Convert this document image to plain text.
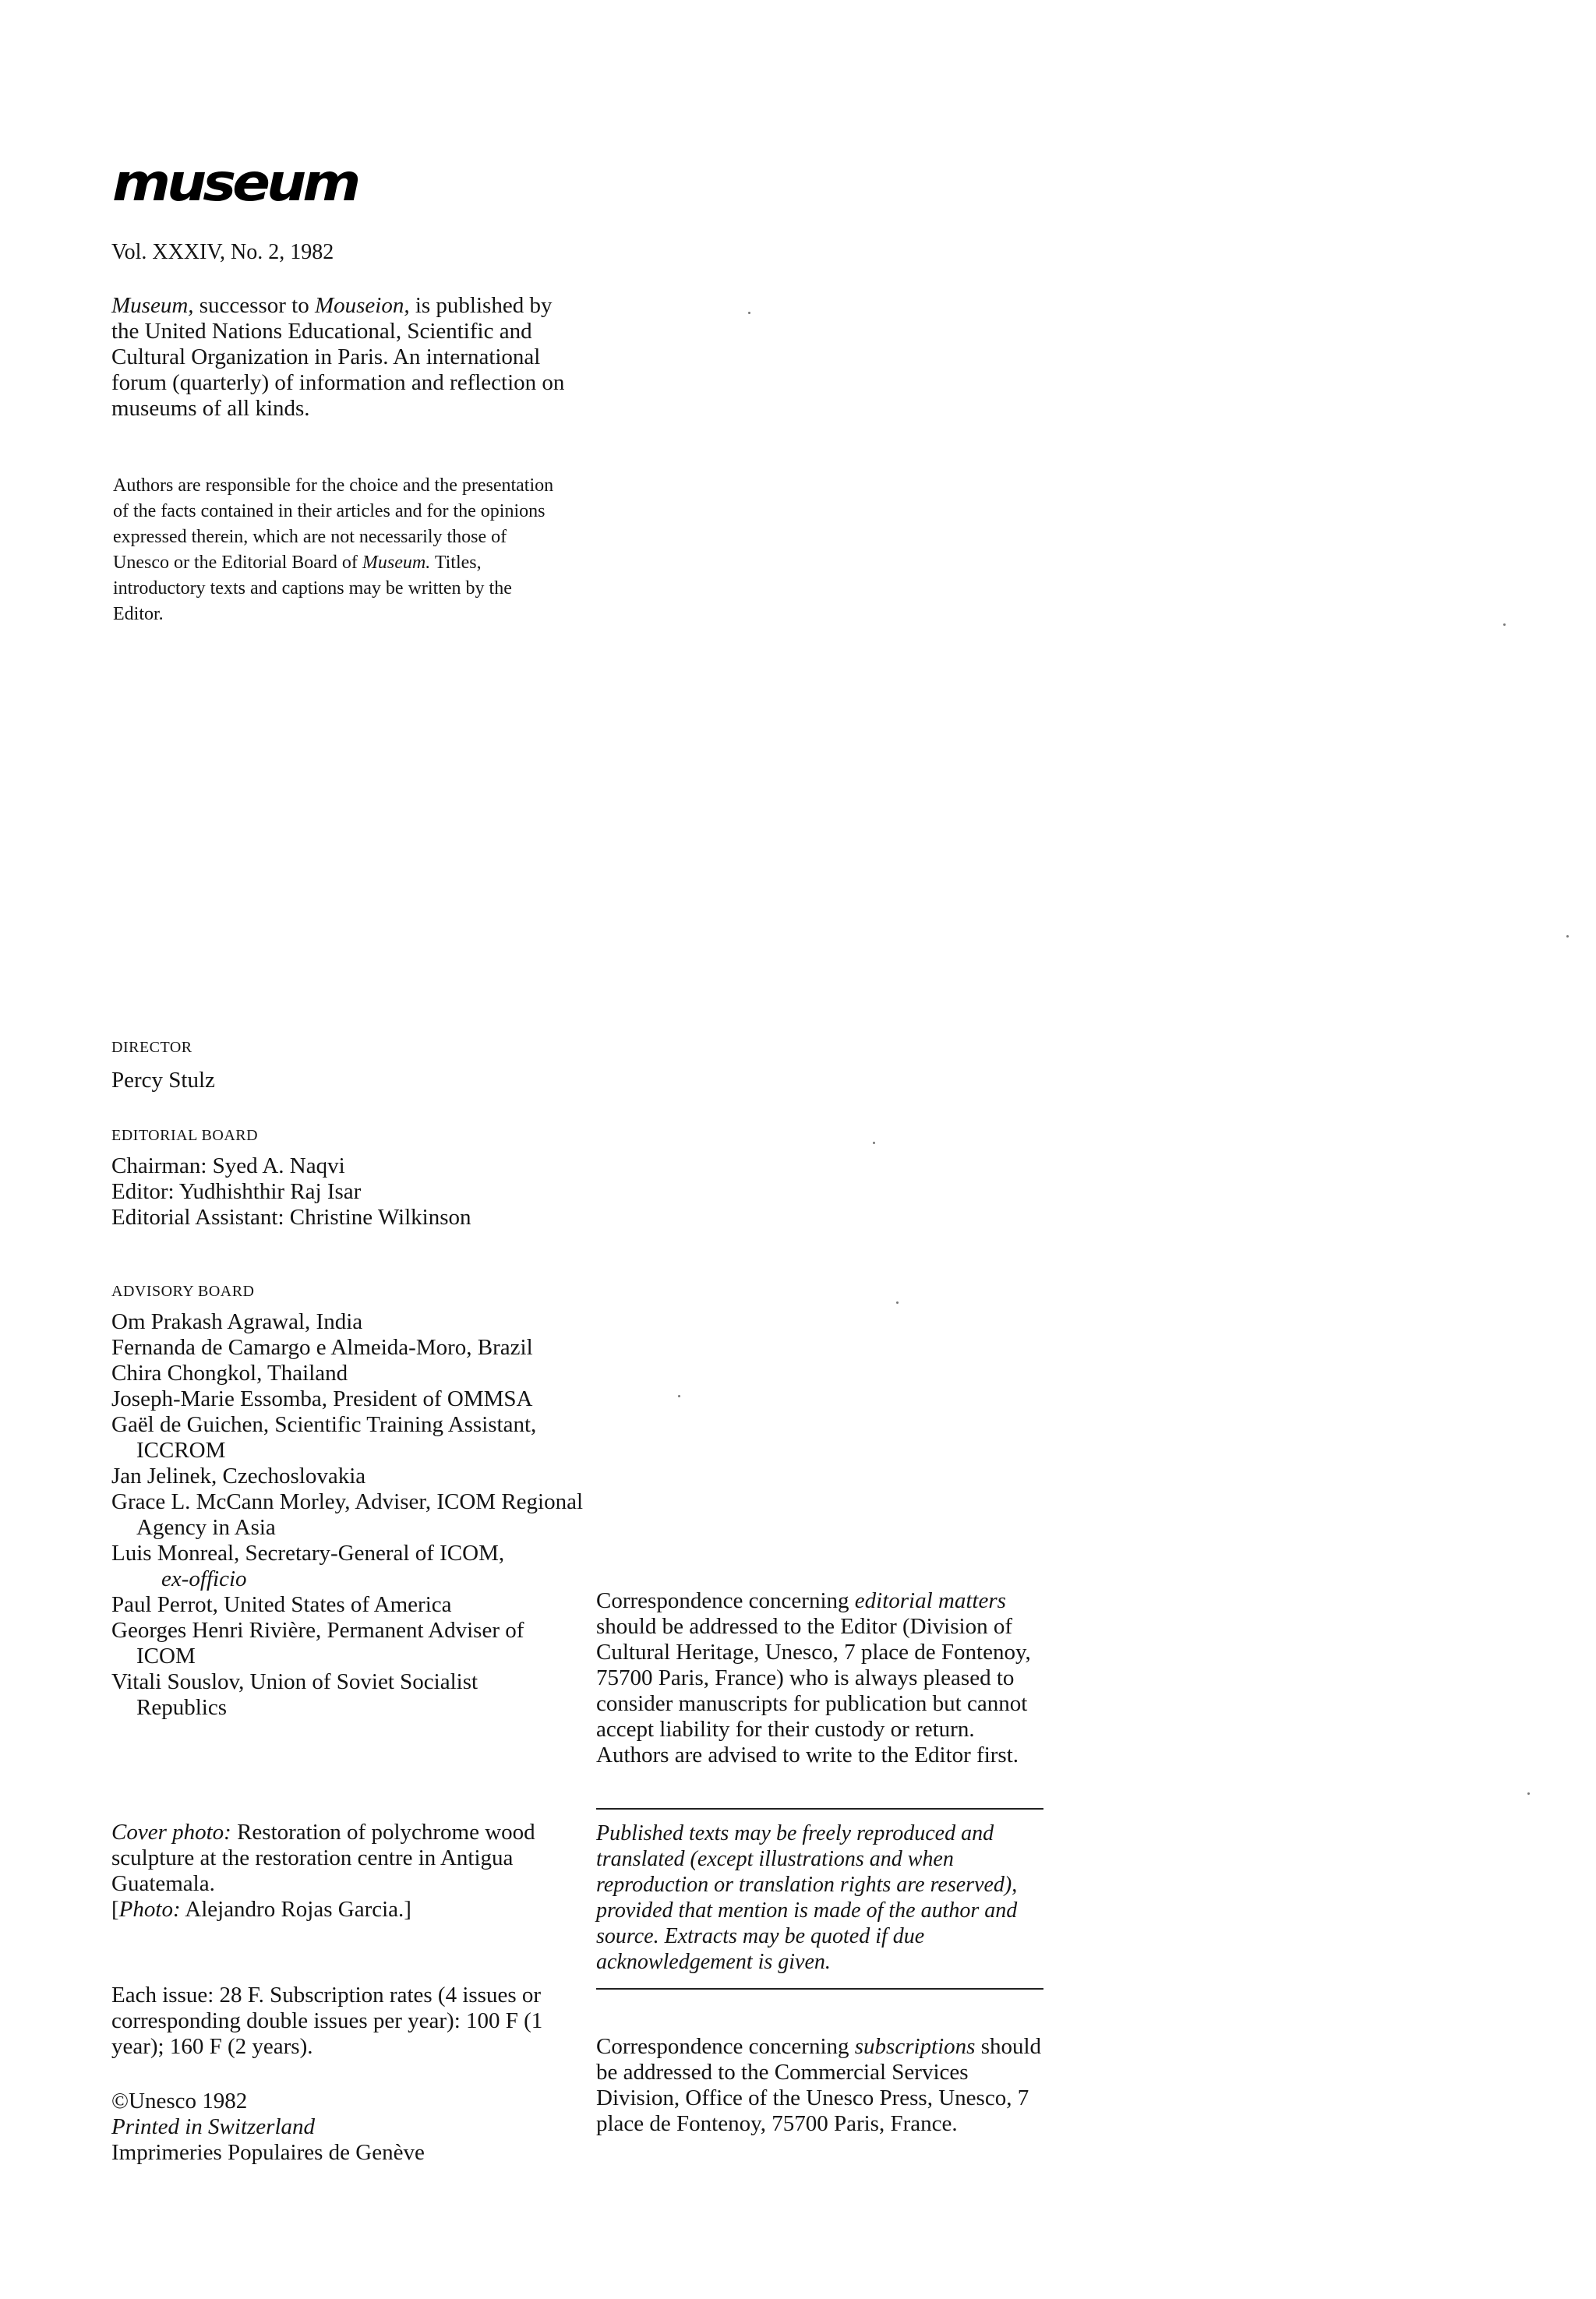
museum
Vol. XXXIV, No. 2, 1982
Museum, successor to Mouseion, is published by the United Nations Educational, Scientific and Cultural Organization in Paris. An international forum (quarterly) of information and reflection on museums of all kinds.
Authors are responsible for the choice and the presentation of the facts contained in their articles and for the opinions expressed therein, which are not necessarily those of Unesco or the Editorial Board of Museum. Titles, introductory texts and captions may be written by the Editor.
DIRECTOR
Percy Stulz
EDITORIAL BOARD
Chairman: Syed A. Naqvi
Editor: Yudhishthir Raj Isar
Editorial Assistant: Christine Wilkinson
ADVISORY BOARD
Om Prakash Agrawal, India
Fernanda de Camargo e Almeida-Moro, Brazil
Chira Chongkol, Thailand
Joseph-Marie Essomba, President of OMMSA
Gaël de Guichen, Scientific Training Assistant, ICCROM
Jan Jelinek, Czechoslovakia
Grace L. McCann Morley, Adviser, ICOM Regional Agency in Asia
Luis Monreal, Secretary-General of ICOM,
ex-officio
Paul Perrot, United States of America
Georges Henri Rivière, Permanent Adviser of ICOM
Vitali Souslov, Union of Soviet Socialist Republics
Cover photo: Restoration of polychrome wood sculpture at the restoration centre in Antigua Guatemala.
[Photo: Alejandro Rojas Garcia.]
Each issue: 28 F. Subscription rates (4 issues or corresponding double issues per year): 100 F (1 year); 160 F (2 years).
©Unesco 1982
Printed in Switzerland
Imprimeries Populaires de Genève
Correspondence concerning editorial matters should be addressed to the Editor (Division of Cultural Heritage, Unesco, 7 place de Fontenoy, 75700 Paris, France) who is always pleased to consider manuscripts for publication but cannot accept liability for their custody or return. Authors are advised to write to the Editor first.
Published texts may be freely reproduced and translated (except illustrations and when reproduction or translation rights are reserved), provided that mention is made of the author and source. Extracts may be quoted if due acknowledgement is given.
Correspondence concerning subscriptions should be addressed to the Commercial Services Division, Office of the Unesco Press, Unesco, 7 place de Fontenoy, 75700 Paris, France.
